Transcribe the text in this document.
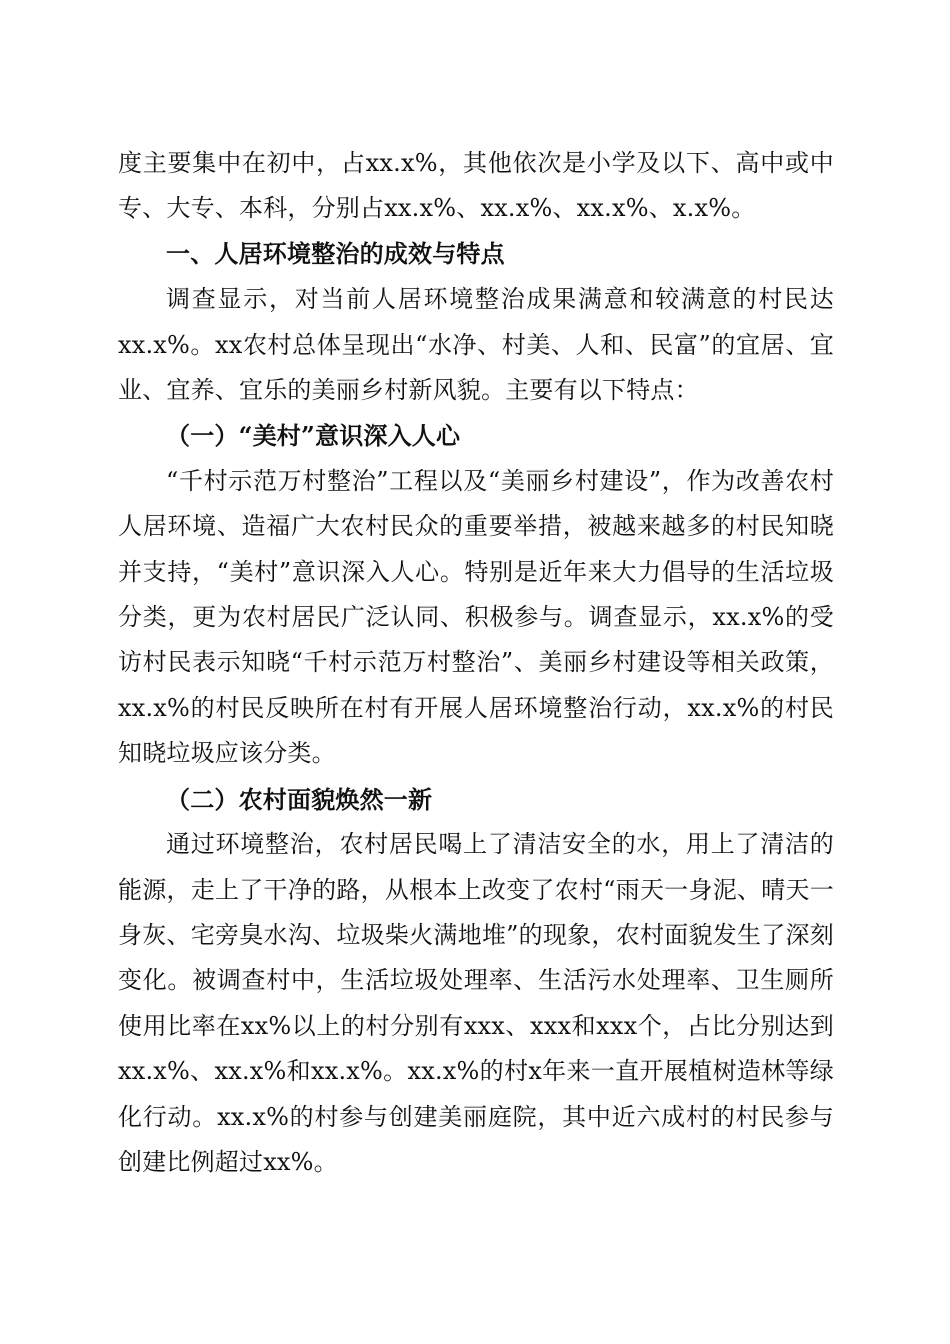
度主要集中在初中，占xx.x%，其他依次是小学及以下、高中或中专、大专、本科，分别占xx.x%、xx.x%、xx.x%、x.x%。

一、人居环境整治的成效与特点

调查显示，对当前人居环境整治成果满意和较满意的村民达xx.x%。xx农村总体呈现出“水净、村美、人和、民富”的宜居、宜业、宜养、宜乐的美丽乡村新风貌。主要有以下特点：

（一）“美村”意识深入人心

“千村示范万村整治”工程以及“美丽乡村建设”，作为改善农村人居环境、造福广大农村民众的重要举措，被越来越多的村民知晓并支持，“美村”意识深入人心。特别是近年来大力倡导的生活垃圾分类，更为农村居民广泛认同、积极参与。调查显示，xx.x%的受访村民表示知晓“千村示范万村整治”、美丽乡村建设等相关政策，xx.x%的村民反映所在村有开展人居环境整治行动，xx.x%的村民知晓垃圾应该分类。

（二）农村面貌焕然一新

通过环境整治，农村居民喝上了清洁安全的水，用上了清洁的能源，走上了干净的路，从根本上改变了农村“雨天一身泥、晴天一身灰、宅旁臭水沟、垃圾柴火满地堆”的现象，农村面貌发生了深刻变化。被调查村中，生活垃圾处理率、生活污水处理率、卫生厕所使用比率在xx%以上的村分别有xxx、xxx和xxx个，占比分别达到xx.x%、xx.x%和xx.x%。xx.x%的村x年来一直开展植树造林等绿化行动。xx.x%的村参与创建美丽庭院，其中近六成村的村民参与创建比例超过xx%。
